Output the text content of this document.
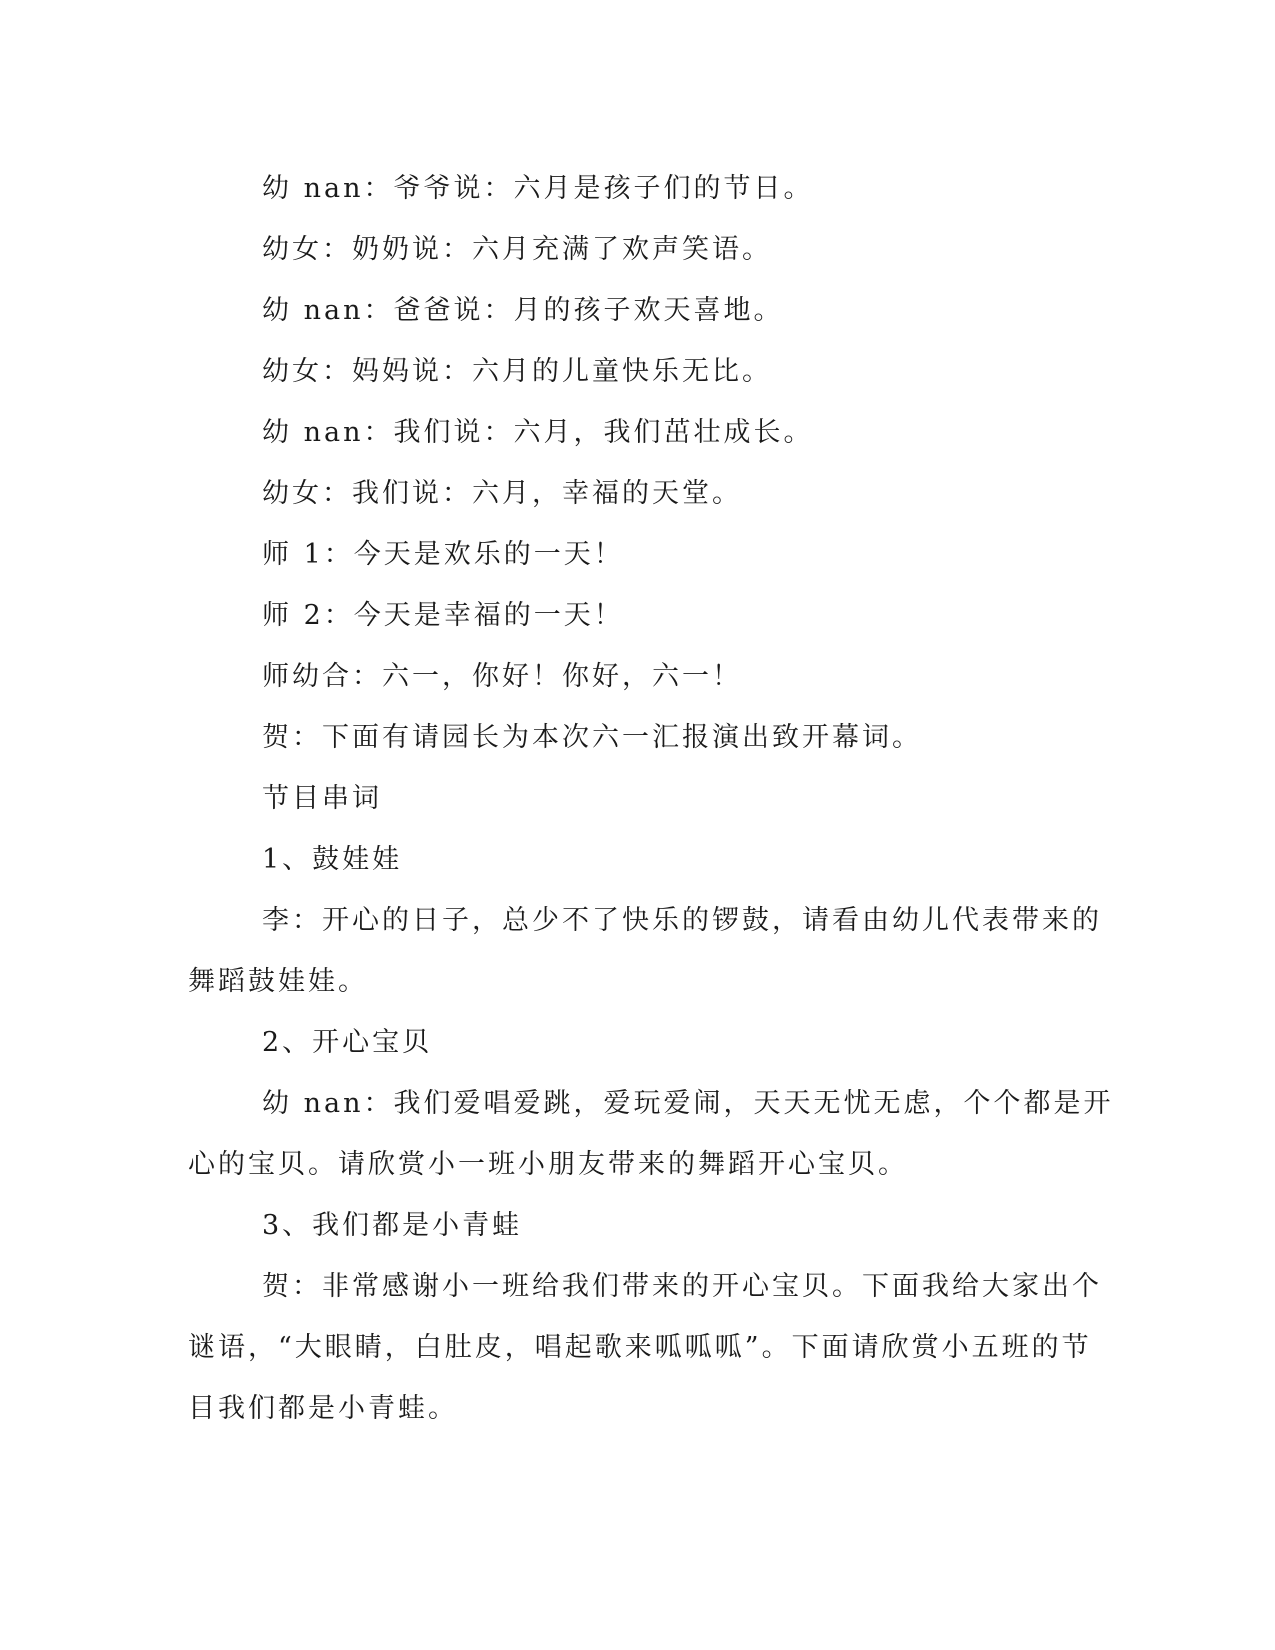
幼 nan：爷爷说：六月是孩子们的节日。
幼女：奶奶说：六月充满了欢声笑语。
幼 nan：爸爸说：月的孩子欢天喜地。
幼女：妈妈说：六月的儿童快乐无比。
幼 nan：我们说：六月，我们茁壮成长。
幼女：我们说：六月，幸福的天堂。
师 1：今天是欢乐的一天！
师 2：今天是幸福的一天！
师幼合：六一，你好！你好，六一！
贺：下面有请园长为本次六一汇报演出致开幕词。
节目串词
1、鼓娃娃
李：开心的日子，总少不了快乐的锣鼓，请看由幼儿代表带来的
舞蹈鼓娃娃。
2、开心宝贝
幼 nan：我们爱唱爱跳，爱玩爱闹，天天无忧无虑，个个都是开
心的宝贝。请欣赏小一班小朋友带来的舞蹈开心宝贝。
3、我们都是小青蛙
贺：非常感谢小一班给我们带来的开心宝贝。下面我给大家出个
谜语，“大眼睛，白肚皮，唱起歌来呱呱呱”。下面请欣赏小五班的节
目我们都是小青蛙。
